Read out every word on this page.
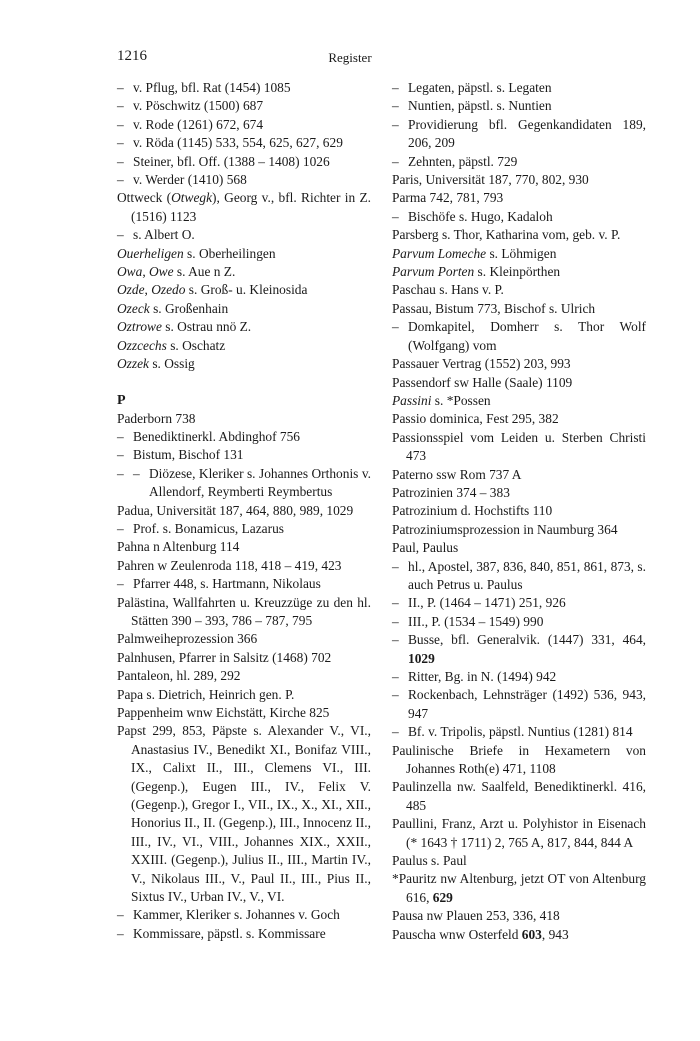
1216	Register
– v. Pflug, bfl. Rat (1454) 1085
– v. Pöschwitz (1500) 687
– v. Rode (1261) 672, 674
– v. Röda (1145) 533, 554, 625, 627, 629
– Steiner, bfl. Off. (1388 – 1408) 1026
– v. Werder (1410) 568
Ottweck (Otwegk), Georg v., bfl. Richter in Z. (1516) 1123
– s. Albert O.
Ouerheligen s. Oberheilingen
Owa, Owe s. Aue n Z.
Ozde, Ozedo s. Groß- u. Kleinosida
Ozeck s. Großenhain
Oztrowe s. Ostrau nnö Z.
Ozzcechs s. Oschatz
Ozzek s. Ossig
P
Paderborn 738
– Benediktinerkl. Abdinghof 756
– Bistum, Bischof 131
– – Diözese, Kleriker s. Johannes Orthonis v. Allendorf, Reymberti Reymbertus
Padua, Universität 187, 464, 880, 989, 1029
– Prof. s. Bonamicus, Lazarus
Pahna n Altenburg 114
Pahren w Zeulenroda 118, 418 – 419, 423
– Pfarrer 448, s. Hartmann, Nikolaus
Palästina, Wallfahrten u. Kreuzzüge zu den hl. Stätten 390 – 393, 786 – 787, 795
Palmweiheprozession 366
Palnhusen, Pfarrer in Salsitz (1468) 702
Pantaleon, hl. 289, 292
Papa s. Dietrich, Heinrich gen. P.
Pappenheim wnw Eichstätt, Kirche 825
Papst 299, 853, Päpste s. Alexander V., VI., Anastasius IV., Benedikt XI., Bonifaz VIII., IX., Calixt II., III., Clemens VI., III. (Gegenp.), Eugen III., IV., Felix V. (Gegenp.), Gregor I., VII., IX., X., XI., XII., Honorius II., II. (Gegenp.), III., Innocenz II., III., IV., VI., VIII., Johannes XIX., XXII., XXIII. (Gegenp.), Julius II., III., Martin IV., V., Nikolaus III., V., Paul II., III., Pius II., Sixtus IV., Urban IV., V., VI.
– Kammer, Kleriker s. Johannes v. Goch
– Kommissare, päpstl. s. Kommissare
– Legaten, päpstl. s. Legaten
– Nuntien, päpstl. s. Nuntien
– Providierung bfl. Gegenkandidaten 189, 206, 209
– Zehnten, päpstl. 729
Paris, Universität 187, 770, 802, 930
Parma 742, 781, 793
– Bischöfe s. Hugo, Kadaloh
Parsberg s. Thor, Katharina vom, geb. v. P.
Parvum Lomeche s. Löhmigen
Parvum Porten s. Kleinpörthen
Paschau s. Hans v. P.
Passau, Bistum 773, Bischof s. Ulrich
– Domkapitel, Domherr s. Thor Wolf (Wolfgang) vom
Passauer Vertrag (1552) 203, 993
Passendorf sw Halle (Saale) 1109
Passini s. *Possen
Passio dominica, Fest 295, 382
Passionsspiel vom Leiden u. Sterben Christi 473
Paterno ssw Rom 737 A
Patrozinien 374 – 383
Patrozinium d. Hochstifts 110
Patroziniumsprozession in Naumburg 364
Paul, Paulus
– hl., Apostel, 387, 836, 840, 851, 861, 873, s. auch Petrus u. Paulus
– II., P. (1464 – 1471) 251, 926
– III., P. (1534 – 1549) 990
– Busse, bfl. Generalvik. (1447) 331, 464, 1029
– Ritter, Bg. in N. (1494) 942
– Rockenbach, Lehnsträger (1492) 536, 943, 947
– Bf. v. Tripolis, päpstl. Nuntius (1281) 814
Paulinische Briefe in Hexametern von Johannes Roth(e) 471, 1108
Paulinzella nw. Saalfeld, Benediktinerkl. 416, 485
Paullini, Franz, Arzt u. Polyhistor in Eisenach (* 1643 † 1711) 2, 765 A, 817, 844, 844 A
Paulus s. Paul
*Pauritz nw Altenburg, jetzt OT von Altenburg 616, 629
Pausa nw Plauen 253, 336, 418
Pauscha wnw Osterfeld 603, 943
